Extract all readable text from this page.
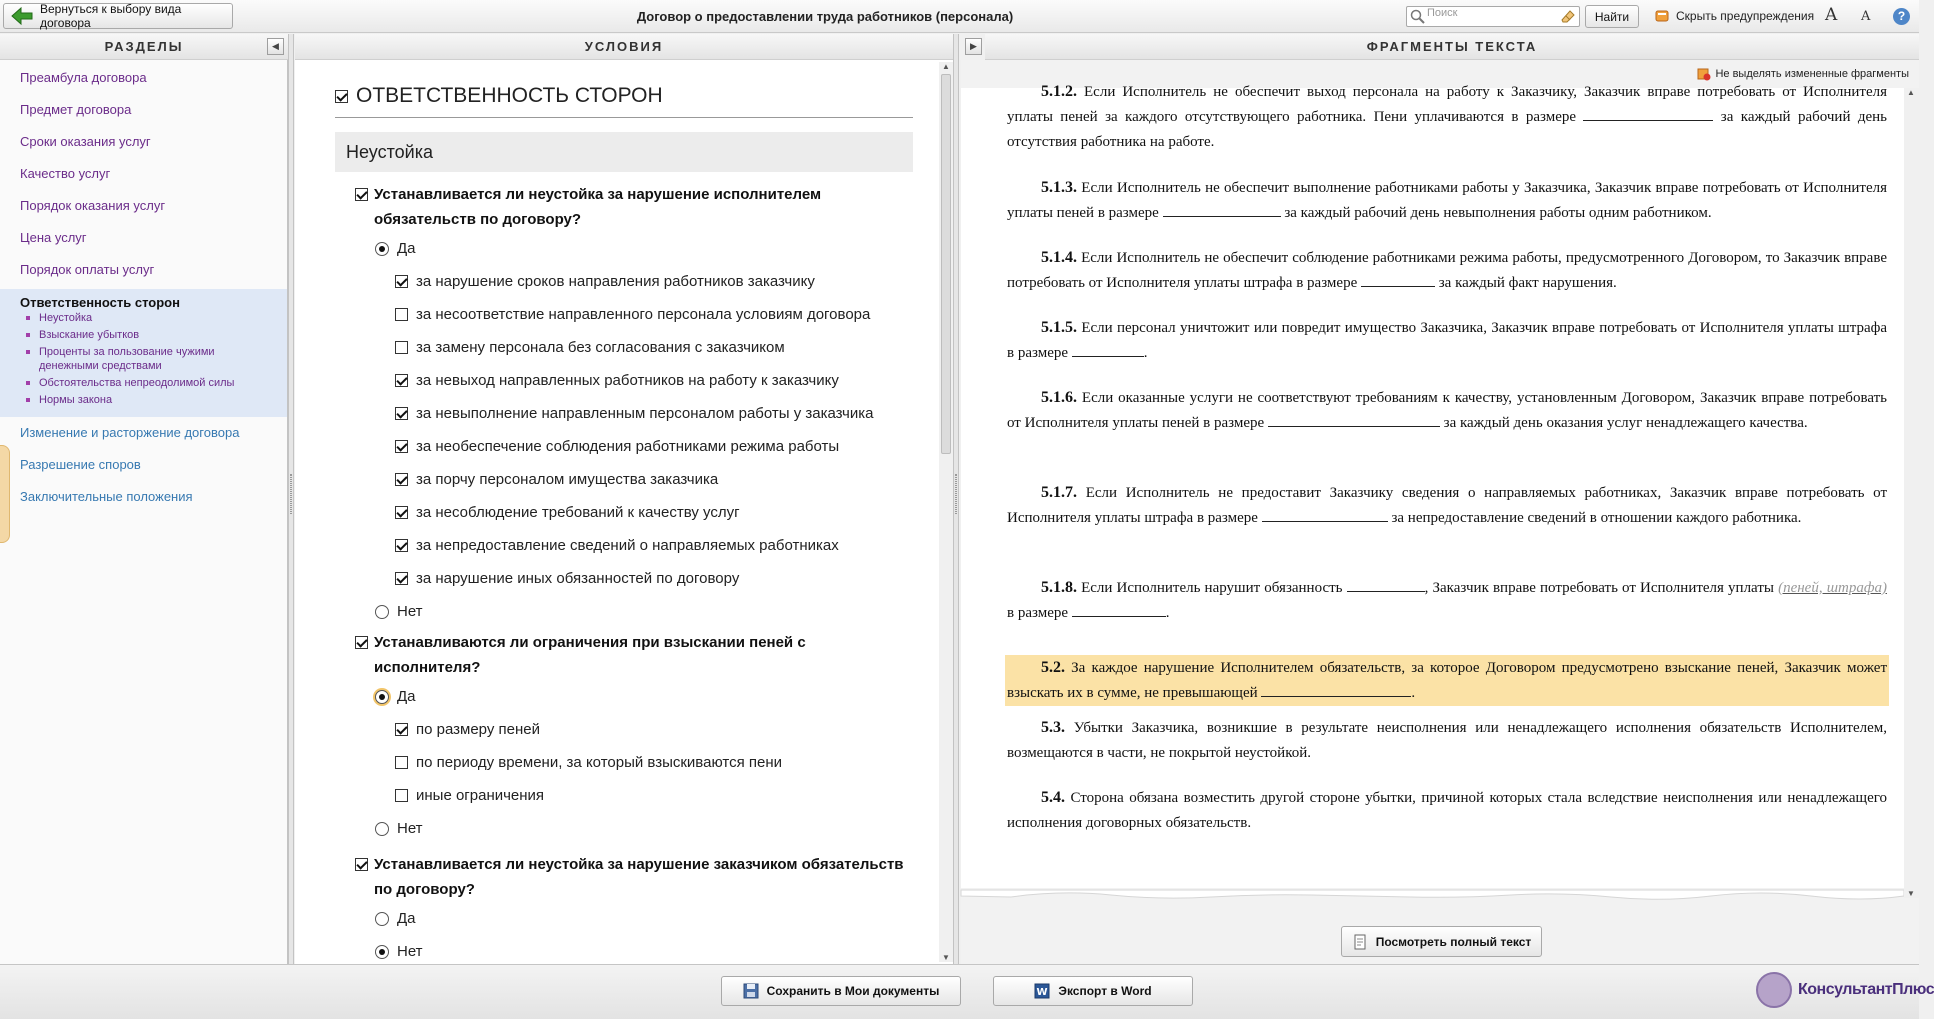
Вернуться к выбору вида договора	Договор о предоставлении труда работников (персонала)	Поиск	Найти	Скрыть предупреждения A A	?
РАЗДЕЛЫ	◀
Преамбула договора
Предмет договора
Сроки оказания услуг
Качество услуг
Порядок оказания услуг
Цена услуг
Порядок оплаты услуг
Ответственность сторон
Неустойка
Взыскание убытков
Проценты за пользование чужими денежными средствами
Обстоятельства непреодолимой силы
Нормы закона
Изменение и расторжение договора
Разрешение споров
Заключительные положения
УСЛОВИЯ
ОТВЕТСТВЕННОСТЬ СТОРОН
Неустойка
Устанавливается ли неустойка за нарушение исполнителем обязательств по договору?
Да
за нарушение сроков направления работников заказчику
за несоответствие направленного персонала условиям договора
за замену персонала без согласования с заказчиком
за невыход направленных работников на работу к заказчику
за невыполнение направленным персоналом работы у заказчика
за необеспечение соблюдения работниками режима работы
за порчу персоналом имущества заказчика
за несоблюдение требований к качеству услуг
за непредоставление сведений о направляемых работниках
за нарушение иных обязанностей по договору
Нет
Устанавливаются ли ограничения при взыскании пеней с исполнителя?
Да
по размеру пеней
по периоду времени, за который взыскиваются пени
иные ограничения
Нет
Устанавливается ли неустойка за нарушение заказчиком обязательств по договору?
Да
Нет
▲
▼
▶	ФРАГМЕНТЫ ТЕКСТА
Не выделять измененные фрагменты
5.1.2. Если Исполнитель не обеспечит выход персонала на работу к Заказчику, Заказчик вправе потребовать от Исполнителя уплаты пеней за каждого отсутствующего работника. Пени уплачиваются в размере	за каждый рабочий день отсутствия работника на работе.
5.1.3. Если Исполнитель не обеспечит выполнение работниками работы у Заказчика, Заказчик вправе потребовать от Исполнителя уплаты пеней в размере	за каждый рабочий день невыполнения работы одним работником.
5.1.4. Если Исполнитель не обеспечит соблюдение работниками режима работы, предусмотренного Договором, то Заказчик вправе потребовать от Исполнителя уплаты штрафа в размере	за каждый факт нарушения.
5.1.5. Если персонал уничтожит или повредит имущество Заказчика, Заказчик вправе потребовать от Исполнителя уплаты штрафа в размере	.
5.1.6. Если оказанные услуги не соответствуют требованиям к качеству, установленным Договором, Заказчик вправе потребовать от Исполнителя уплаты пеней в размере	за каждый день оказания услуг ненадлежащего качества.
5.1.7. Если Исполнитель не предоставит Заказчику сведения о направляемых работниках, Заказчик вправе потребовать от Исполнителя уплаты штрафа в размере	за непредоставление сведений в отношении каждого работника.
5.1.8. Если Исполнитель нарушит обязанность	, Заказчик вправе потребовать от Исполнителя уплаты (пеней, штрафа) в размере	.
5.2. За каждое нарушение Исполнителем обязательств, за которое Договором предусмотрено взыскание пеней, Заказчик может взыскать их в сумме, не превышающей	.
5.3. Убытки Заказчика, возникшие в результате неисполнения или ненадлежащего исполнения обязательств Исполнителем, возмещаются в части, не покрытой неустойкой.
5.4. Сторона обязана возместить другой стороне убытки, причиной которых стала вследствие неисполнения или ненадлежащего исполнения договорных обязательств.
▲
▼
Посмотреть полный текст
Сохранить в Мои документы	W Экспорт в Word	КонсультантПлюс
